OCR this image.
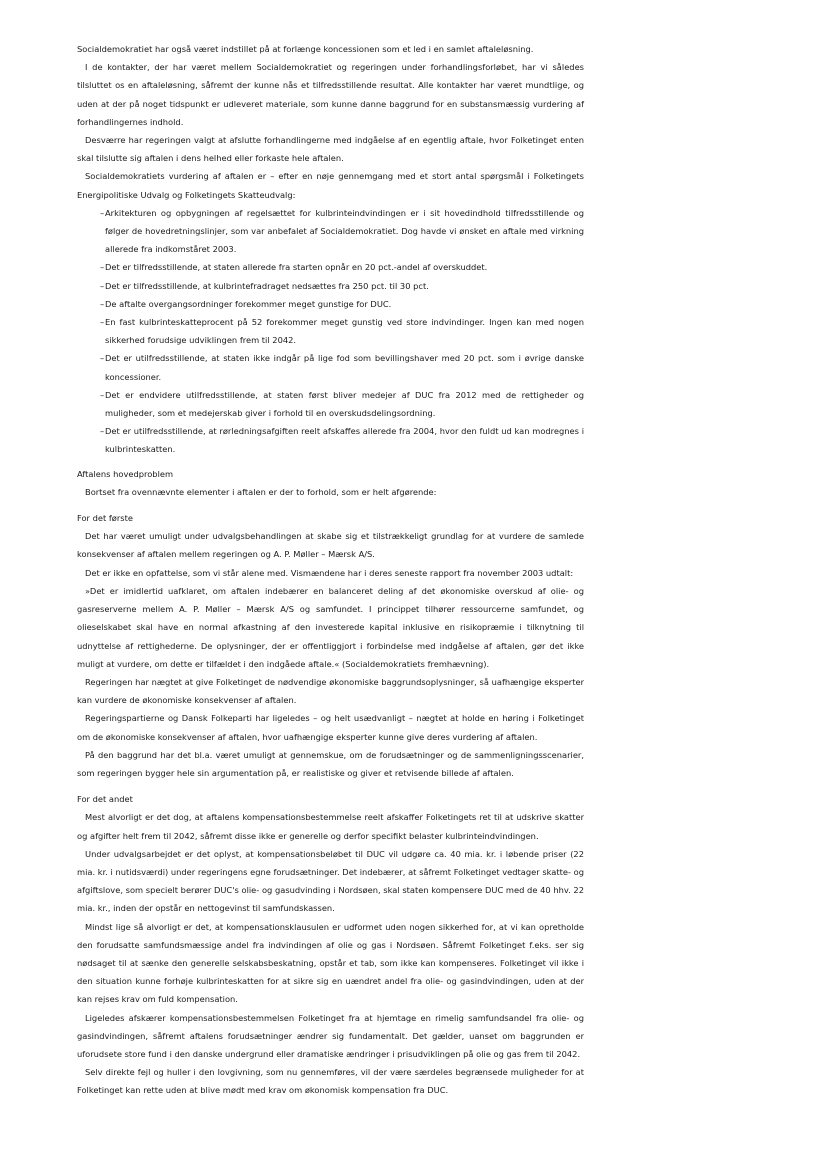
Socialdemokratiet har også været indstillet på at forlænge koncessionen som et led i en samlet aftaleløsning.

I de kontakter, der har været mellem Socialdemokratiet og regeringen under forhandlingsforløbet, har vi således tilsluttet os en aftaleløsning, såfremt der kunne nås et tilfredsstillende resultat. Alle kontakter har været mundtlige, og uden at der på noget tidspunkt er udleveret materiale, som kunne danne baggrund for en substansmæssig vurdering af forhandlingernes indhold.

Desværre har regeringen valgt at afslutte forhandlingerne med indgåelse af en egentlig aftale, hvor Folketinget enten skal tilslutte sig aftalen i dens helhed eller forkaste hele aftalen.

Socialdemokratiets vurdering af aftalen er – efter en nøje gennemgang med et stort antal spørgsmål i Folketingets Energipolitiske Udvalg og Folketingets Skatteudvalg:

– Arkitekturen og opbygningen af regelsættet for kulbrinteindvindingen er i sit hovedindhold tilfredsstillende og følger de hovedretningslinjer, som var anbefalet af Socialdemokratiet. Dog havde vi ønsket en aftale med virkning allerede fra indkomståret 2003.
– Det er tilfredsstillende, at staten allerede fra starten opnår en 20 pct.-andel af overskuddet.
– Det er tilfredsstillende, at kulbrintefradraget nedsættes fra 250 pct. til 30 pct.
– De aftalte overgangsordninger forekommer meget gunstige for DUC.
– En fast kulbrinteskatteprocent på 52 forekommer meget gunstig ved store indvindinger. Ingen kan med nogen sikkerhed forudsige udviklingen frem til 2042.
– Det er utilfredsstillende, at staten ikke indgår på lige fod som bevillingshaver med 20 pct. som i øvrige danske koncessioner.
– Det er endvidere utilfredsstillende, at staten først bliver medejer af DUC fra 2012 med de rettigheder og muligheder, som et medejerskab giver i forhold til en overskudsdelingsordning.
– Det er utilfredsstillende, at rørledningsafgiften reelt afskaffes allerede fra 2004, hvor den fuldt ud kan modregnes i kulbrinteskatten.

Aftalens hovedproblem

Bortset fra ovennævnte elementer i aftalen er der to forhold, som er helt afgørende:

For det første

Det har været umuligt under udvalgsbehandlingen at skabe sig et tilstrækkeligt grundlag for at vurdere de samlede konsekvenser af aftalen mellem regeringen og A. P. Møller – Mærsk A/S.

Det er ikke en opfattelse, som vi står alene med. Vismændene har i deres seneste rapport fra november 2003 udtalt:

»Det er imidlertid uafklaret, om aftalen indebærer en balanceret deling af det økonomiske overskud af olie- og gasreserverne mellem A. P. Møller – Mærsk A/S og samfundet. I princippet tilhører ressourcerne samfundet, og olieselskabet skal have en normal afkastning af den investerede kapital inklusive en risikopræmie i tilknytning til udnyttelse af rettighederne. De oplysninger, der er offentliggjort i forbindelse med indgåelse af aftalen, gør det ikke muligt at vurdere, om dette er tilfældet i den indgåede aftale.« (Socialdemokratiets fremhævning).

Regeringen har nægtet at give Folketinget de nødvendige økonomiske baggrundsoplysninger, så uafhængige eksperter kan vurdere de økonomiske konsekvenser af aftalen.

Regeringspartierne og Dansk Folkeparti har ligeledes – og helt usædvanligt – nægtet at holde en høring i Folketinget om de økonomiske konsekvenser af aftalen, hvor uafhængige eksperter kunne give deres vurdering af aftalen.

På den baggrund har det bl.a. været umuligt at gennemskue, om de forudsætninger og de sammenligningsscenarier, som regeringen bygger hele sin argumentation på, er realistiske og giver et retvisende billede af aftalen.

For det andet

Mest alvorligt er det dog, at aftalens kompensationsbestemmelse reelt afskaffer Folketingets ret til at udskrive skatter og afgifter helt frem til 2042, såfremt disse ikke er generelle og derfor specifikt belaster kulbrinteindvindingen.

Under udvalgsarbejdet er det oplyst, at kompensationsbeløbet til DUC vil udgøre ca. 40 mia. kr. i løbende priser (22 mia. kr. i nutidsværdi) under regeringens egne forudsætninger. Det indebærer, at såfremt Folketinget vedtager skatte- og afgiftslove, som specielt berører DUC's olie- og gasudvinding i Nordsøen, skal staten kompensere DUC med de 40 hhv. 22 mia. kr., inden der opstår en nettogevinst til samfundskassen.

Mindst lige så alvorligt er det, at kompensationsklausulen er udformet uden nogen sikkerhed for, at vi kan opretholde den forudsatte samfundsmæssige andel fra indvindingen af olie og gas i Nordsøen. Såfremt Folketinget f.eks. ser sig nødsaget til at sænke den generelle selskabsbeskatning, opstår et tab, som ikke kan kompenseres. Folketinget vil ikke i den situation kunne forhøje kulbrinteskatten for at sikre sig en uændret andel fra olie- og gasindvindingen, uden at der kan rejses krav om fuld kompensation.

Ligeledes afskærer kompensationsbestemmelsen Folketinget fra at hjemtage en rimelig samfundsandel fra olie- og gasindvindingen, såfremt aftalens forudsætninger ændrer sig fundamentalt. Det gælder, uanset om baggrunden er uforudsete store fund i den danske undergrund eller dramatiske ændringer i prisudviklingen på olie og gas frem til 2042.

Selv direkte fejl og huller i den lovgivning, som nu gennemføres, vil der være særdeles begrænsede muligheder for at Folketinget kan rette uden at blive mødt med krav om økonomisk kompensation fra DUC.
